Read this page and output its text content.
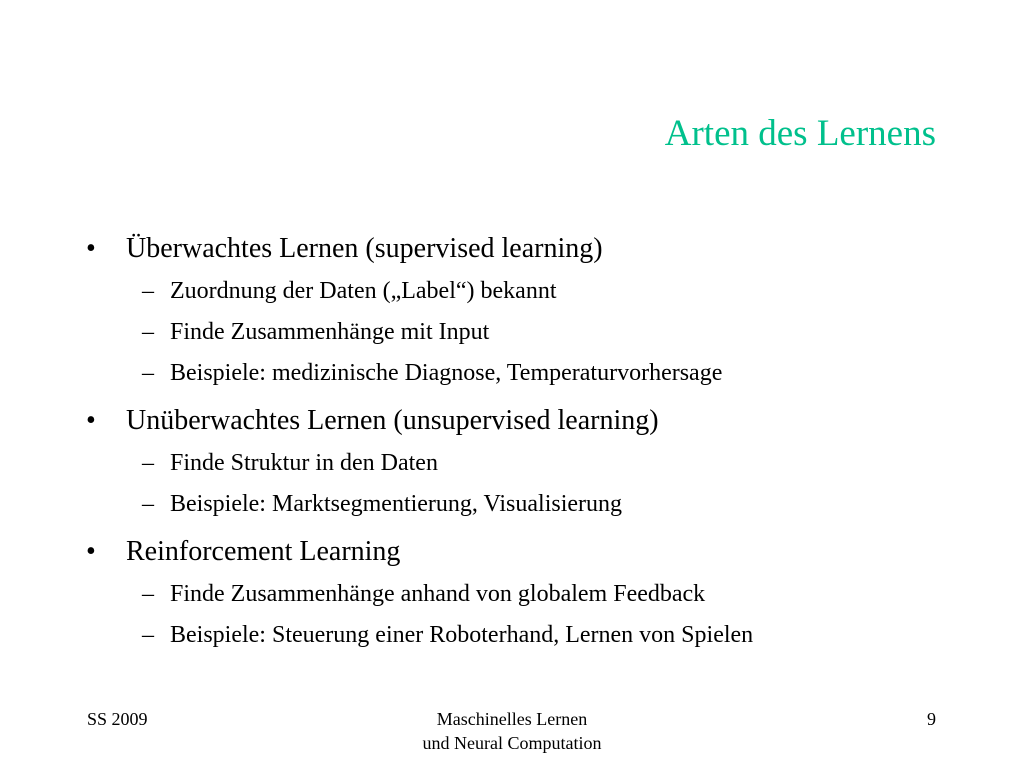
Arten des Lernens
• Überwachtes Lernen (supervised learning)
– Zuordnung der Daten („Label“) bekannt
– Finde Zusammenhänge mit Input
– Beispiele: medizinische Diagnose, Temperaturvorhersage
• Unüberwachtes Lernen (unsupervised learning)
– Finde Struktur in den Daten
– Beispiele: Marktsegmentierung, Visualisierung
• Reinforcement Learning
– Finde Zusammenhänge anhand von globalem Feedback
– Beispiele: Steuerung einer Roboterhand, Lernen von Spielen
SS 2009	Maschinelles Lernen
und Neural Computation
9
